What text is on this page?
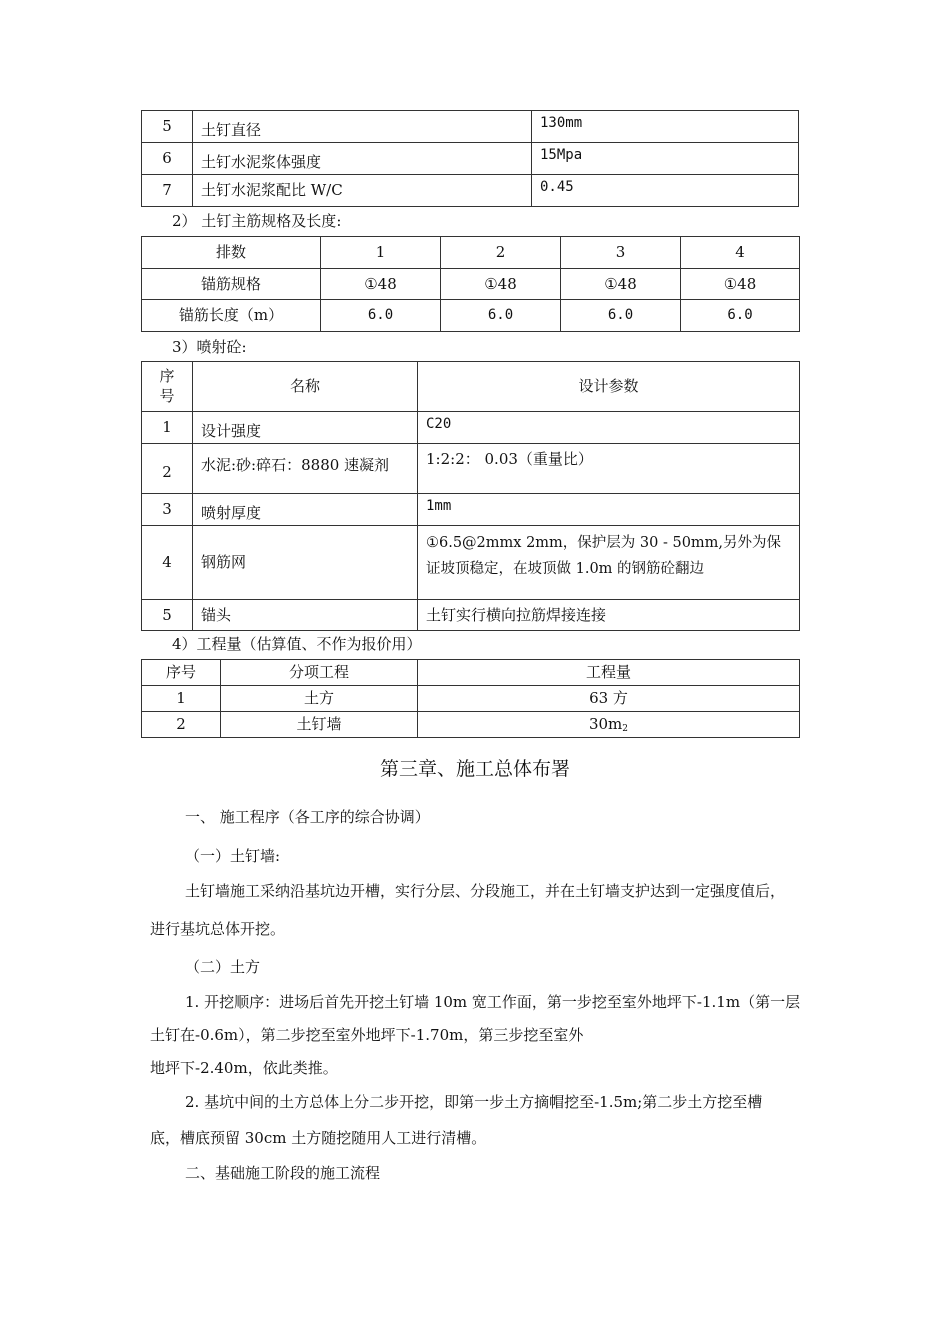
5	土钉直径	130mm
6	土钉水泥浆体强度	15Mpa
7	土钉水泥浆配比 W/C	0.45
2） 土钉主筋规格及长度:
排数	1	2	3	4
锚筋规格	①48	①48	①48	①48
锚筋长度（m）	6.0	6.0	6.0	6.0
3）喷射砼:
序
号	名称	设计参数
1	设计强度	C20
2	水泥:砂:碎石：8880 速凝剂	1:2:2： 0.03（重量比）
3	喷射厚度	1mm
4	钢筋网	①6.5@2mmx 2mm，保护层为 30 - 50mm,另外为保
证坡顶稳定，在坡顶做 1.0m 的钢筋砼翻边

5	锚头	土钉实行横向拉筋焊接连接
4）工程量（估算值、不作为报价用）
序号	分项工程	工程量
1	土方	63 方
2	土钉墙	$30m_2$
第三章、施工总体布署
一、 施工程序（各工序的综合协调）
（一）土钉墙:
土钉墙施工采纳沿基坑边开槽，实行分层、分段施工，并在土钉墙支护达到一定强度值后，
进行基坑总体开挖。
（二）土方
1. 开挖顺序：进场后首先开挖土钉墙 10m 宽工作面，第一步挖至室外地坪下-1.1m（第一层
土钉在-0.6m），第二步挖至室外地坪下-1.70m，第三步挖至室外
地坪下-2.40m，依此类推。
2. 基坑中间的土方总体上分二步开挖，即第一步土方摘帽挖至-1.5m;第二步土方挖至槽
底，槽底预留 30cm 土方随挖随用人工进行清槽。
二、基础施工阶段的施工流程
